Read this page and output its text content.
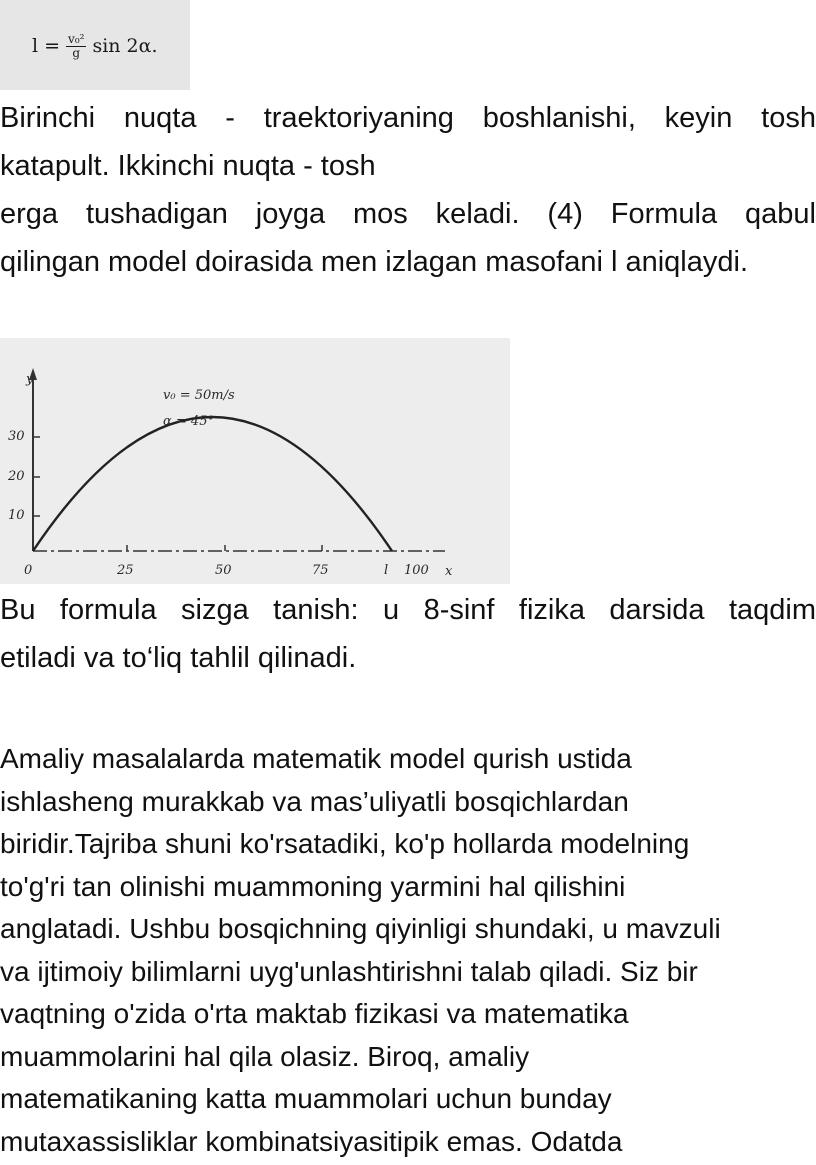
$l = \frac{\text{v₀²}}{g}$ sin 2α.
Birinchi nuqta - traektoriyaning boshlanishi, keyin tosh
katapult. Ikkinchi nuqta - tosh
erga tushadigan joyga mos keladi. (4) Formula qabul
qilingan model doirasida men izlagan masofani l aniqlaydi.
y
x
v₀ = 50m/s
α = 45°
30
20
10
0	25	50	75	l 100
Bu formula sizga tanish: u 8-sinf fizika darsida taqdim
etiladi va to‘liq tahlil qilinadi.
Amaliy masalalarda matematik model qurish ustida
ishlasheng murakkab va mas’uliyatli bosqichlardan
biridir.Tajriba shuni ko'rsatadiki, ko'p hollarda modelning
to'g'ri tan olinishi muammoning yarmini hal qilishini
anglatadi. Ushbu bosqichning qiyinligi shundaki, u mavzuli
va ijtimoiy bilimlarni uyg'unlashtirishni talab qiladi. Siz bir
vaqtning o'zida o'rta maktab fizikasi va matematika
muammolarini hal qila olasiz. Biroq, amaliy
matematikaning katta muammolari uchun bunday
mutaxassisliklar kombinatsiyasitipik emas. Odatda
